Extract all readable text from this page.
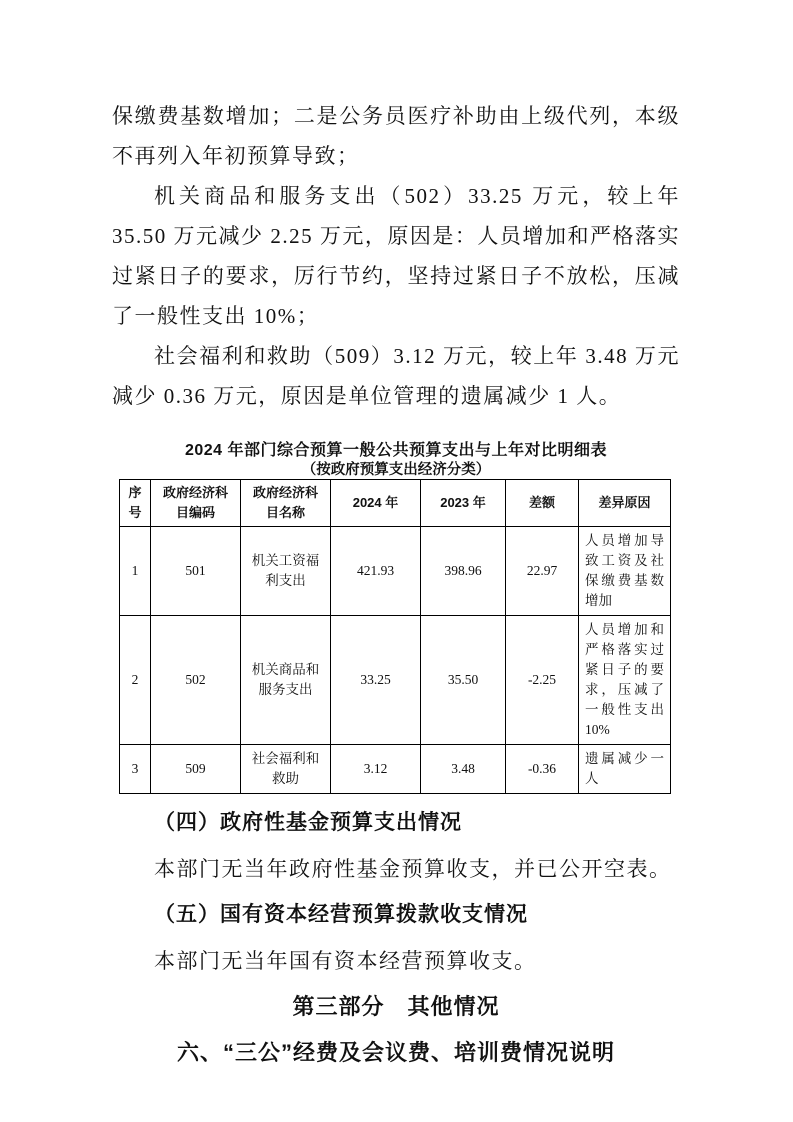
保缴费基数增加；二是公务员医疗补助由上级代列，本级不再列入年初预算导致；

机关商品和服务支出（502）33.25 万元，较上年 35.50 万元减少 2.25 万元，原因是：人员增加和严格落实过紧日子的要求，厉行节约，坚持过紧日子不放松，压减了一般性支出 10%；

社会福利和救助（509）3.12 万元，较上年 3.48 万元减少 0.36 万元，原因是单位管理的遗属减少 1 人。

2024 年部门综合预算一般公共预算支出与上年对比明细表
（按政府预算支出经济分类）
序号	政府经济科目编码	政府经济科目名称	2024 年	2023 年	差额	差异原因
1	501	机关工资福利支出	421.93	398.96	22.97	人员增加导致工资及社保缴费基数增加
2	502	机关商品和服务支出	33.25	35.50	-2.25	人员增加和严格落实过紧日子的要求，压减了一般性支出 10%
3	509	社会福利和救助	3.12	3.48	-0.36	遗属减少一人
（四）政府性基金预算支出情况
本部门无当年政府性基金预算收支，并已公开空表。
（五）国有资本经营预算拨款收支情况
本部门无当年国有资本经营预算收支。
第三部分　其他情况
六、“三公”经费及会议费、培训费情况说明
